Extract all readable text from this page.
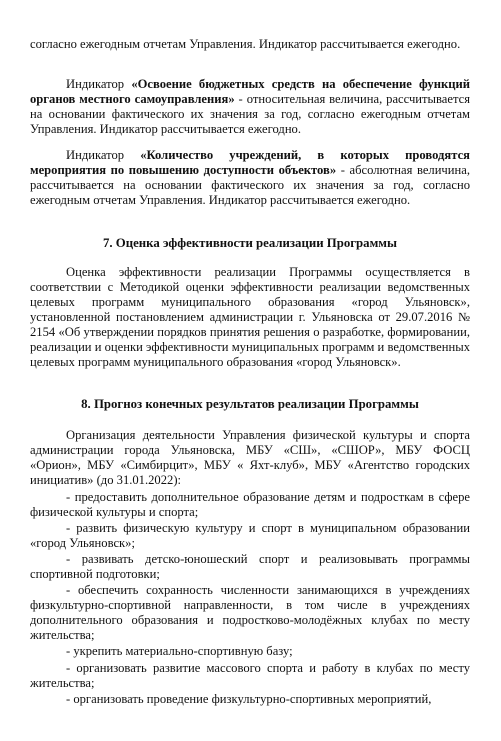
согласно ежегодным отчетам Управления. Индикатор рассчитывается ежегодно.

Индикатор «Освоение бюджетных средств на обеспечение функций органов местного самоуправления» - относительная величина, рассчитывается на основании фактического их значения за год, согласно ежегодным отчетам Управления. Индикатор рассчитывается ежегодно.

Индикатор «Количество учреждений, в которых проводятся мероприятия по повышению доступности объектов» - абсолютная величина, рассчитывается на основании фактического их значения за год, согласно ежегодным отчетам Управления. Индикатор рассчитывается ежегодно.

7. Оценка эффективности реализации Программы

Оценка эффективности реализации Программы осуществляется в соответствии с Методикой оценки эффективности реализации ведомственных целевых программ муниципального образования «город Ульяновск», установленной постановлением администрации г. Ульяновска от 29.07.2016 № 2154 «Об утверждении порядков принятия решения о разработке, формировании, реализации и оценки эффективности муниципальных программ и ведомственных целевых программ муниципального образования «город Ульяновск».

8. Прогноз конечных результатов реализации Программы

Организация деятельности Управления физической культуры и спорта администрации города Ульяновска, МБУ «СШ», «СШОР», МБУ ФОСЦ «Орион», МБУ «Симбирцит», МБУ « Яхт-клуб», МБУ «Агентство городских инициатив» (до 31.01.2022):

- предоставить дополнительное образование детям и подросткам в сфере физической культуры и спорта;

- развить физическую культуру и спорт в муниципальном образовании «город Ульяновск»;

- развивать детско-юношеский спорт и реализовывать программы спортивной подготовки;

- обеспечить сохранность численности занимающихся в учреждениях физкультурно-спортивной направленности, в том числе в учреждениях дополнительного образования и подростково-молодёжных клубах по месту жительства;

- укрепить материально-спортивную базу;

- организовать развитие массового спорта и работу в клубах по месту жительства;

- организовать проведение физкультурно-спортивных мероприятий,
